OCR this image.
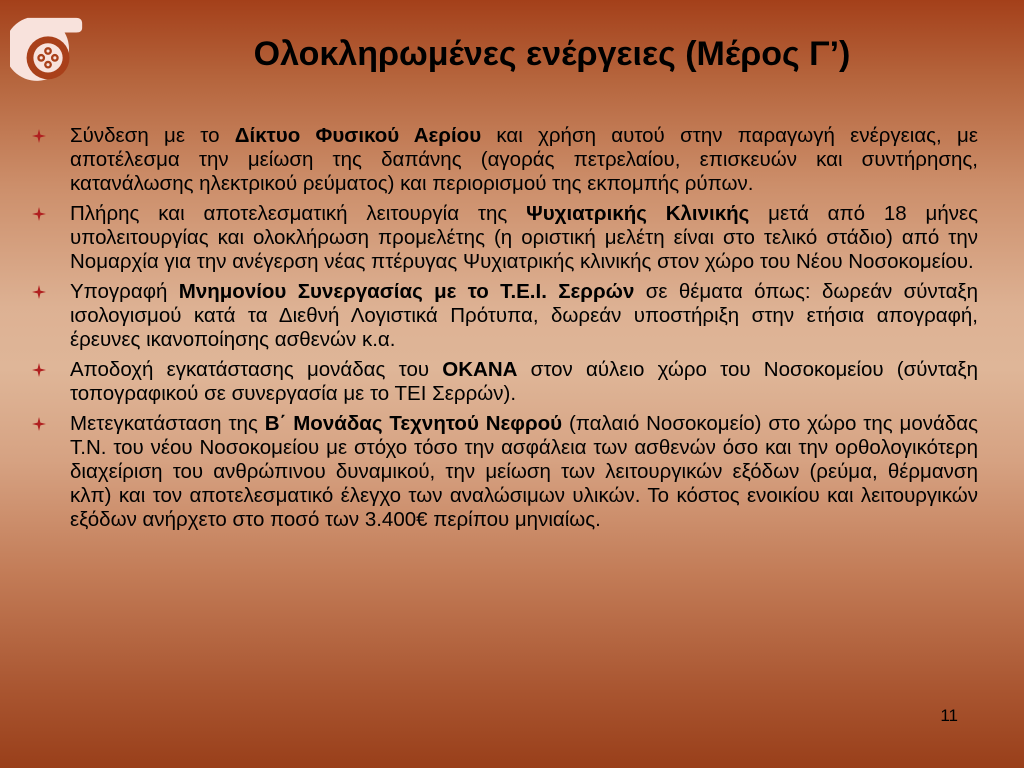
Ολοκληρωμένες ενέργειες (Μέρος Γ’)
Σύνδεση με το Δίκτυο Φυσικού Αερίου και χρήση αυτού στην παραγωγή ενέργειας, με αποτέλεσμα την μείωση της δαπάνης (αγοράς πετρελαίου, επισκευών και συντήρησης, κατανάλωσης ηλεκτρικού ρεύματος) και περιορισμού της εκπομπής ρύπων.
Πλήρης και αποτελεσματική λειτουργία της Ψυχιατρικής Κλινικής μετά από 18 μήνες υπολειτουργίας και ολοκλήρωση προμελέτης (η οριστική μελέτη είναι στο τελικό στάδιο) από την Νομαρχία για την ανέγερση νέας πτέρυγας Ψυχιατρικής κλινικής στον χώρο του Νέου Νοσοκομείου.
Υπογραφή Μνημονίου Συνεργασίας με το Τ.Ε.Ι. Σερρών σε θέματα όπως: δωρεάν σύνταξη ισολογισμού κατά τα Διεθνή Λογιστικά Πρότυπα, δωρεάν υποστήριξη στην ετήσια απογραφή, έρευνες ικανοποίησης ασθενών κ.α.
Αποδοχή εγκατάστασης μονάδας του ΟΚΑΝΑ στον αύλειο χώρο του Νοσοκομείου (σύνταξη τοπογραφικού σε συνεργασία με το ΤΕΙ Σερρών).
Μετεγκατάσταση της Β΄ Μονάδας Τεχνητού Νεφρού (παλαιό Νοσοκομείο) στο χώρο της μονάδας Τ.Ν. του νέου Νοσοκομείου με στόχο τόσο την ασφάλεια των ασθενών όσο και την ορθολογικότερη διαχείριση του ανθρώπινου δυναμικού, την μείωση των λειτουργικών εξόδων (ρεύμα, θέρμανση κλπ) και τον αποτελεσματικό έλεγχο των αναλώσιμων υλικών. Το κόστος ενοικίου και λειτουργικών εξόδων ανήρχετο στο ποσό των 3.400€ περίπου μηνιαίως.
11
